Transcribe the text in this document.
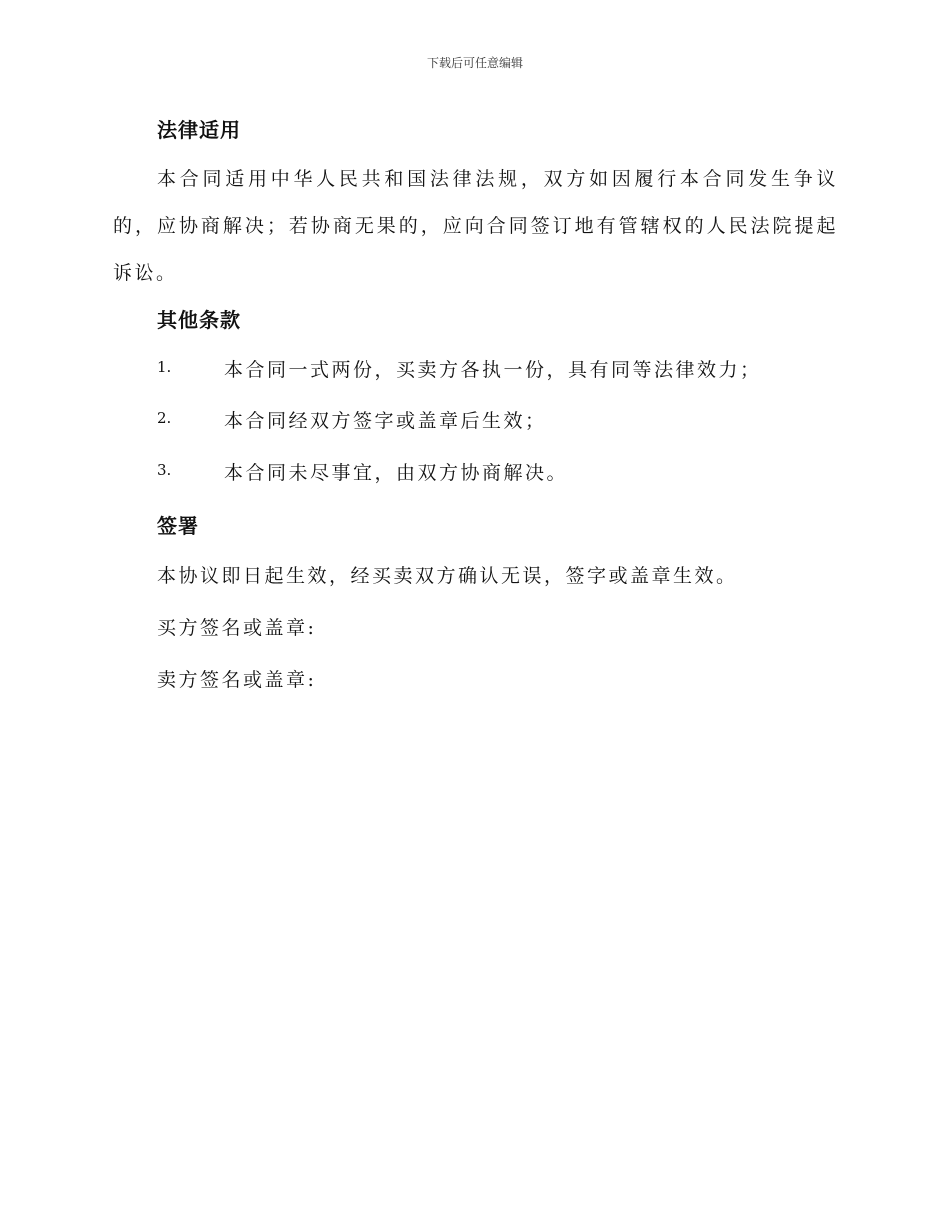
下载后可任意编辑
法律适用
本合同适用中华人民共和国法律法规，双方如因履行本合同发生争议的，应协商解决；若协商无果的，应向合同签订地有管辖权的人民法院提起诉讼。
其他条款
1.	本合同一式两份，买卖方各执一份，具有同等法律效力；
2.	本合同经双方签字或盖章后生效；
3.	本合同未尽事宜，由双方协商解决。
签署
本协议即日起生效，经买卖双方确认无误，签字或盖章生效。
买方签名或盖章:
卖方签名或盖章:
